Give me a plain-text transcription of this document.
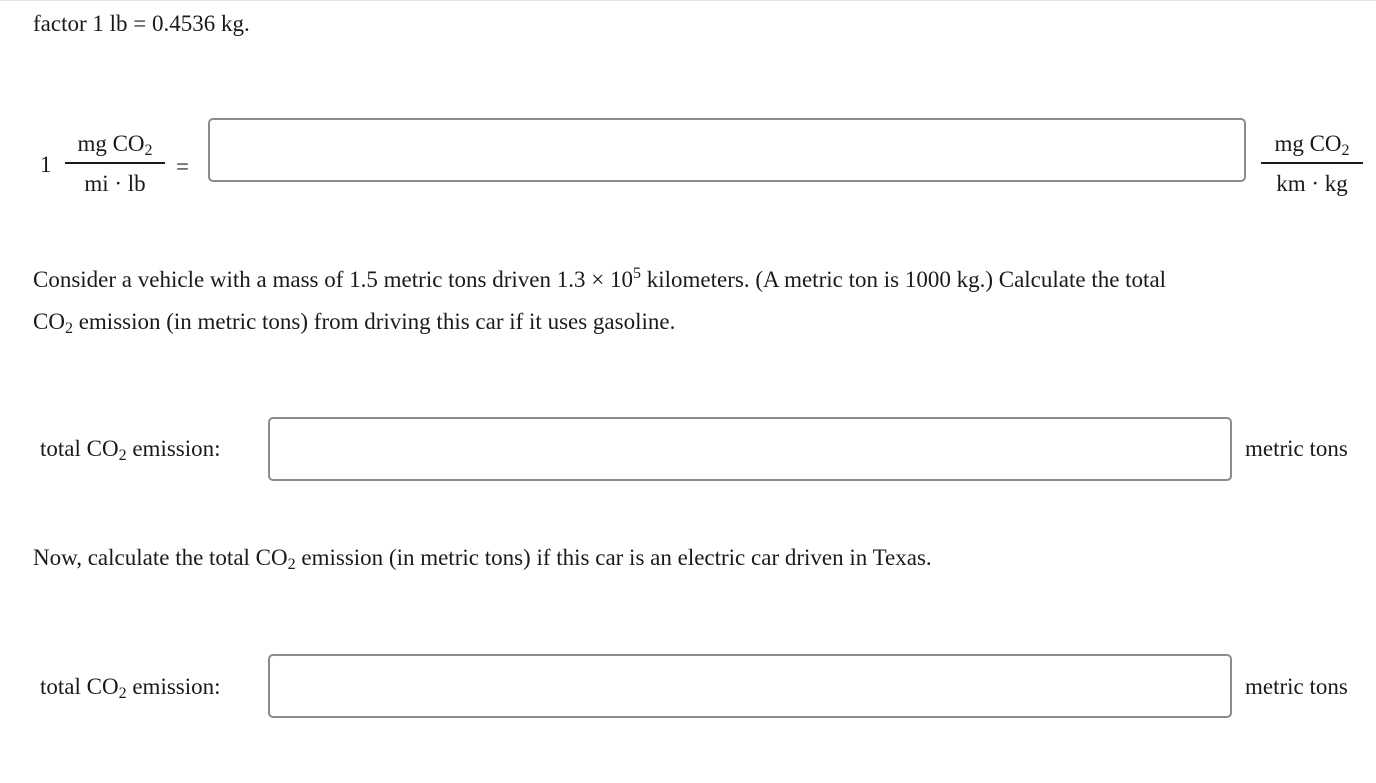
factor 1 lb = 0.4536 kg.
1
mg $CO_2$
mi · lb
=
mg $CO_2$
km · kg
Consider a vehicle with a mass of 1.5 metric tons driven $1.3 \times 10^5$ kilometers. (A metric ton is 1000 kg.) Calculate the total
$CO_2$ emission (in metric tons) from driving this car if it uses gasoline.
total $CO_2$ emission:	metric tons
Now, calculate the total $CO_2$ emission (in metric tons) if this car is an electric car driven in Texas.
total $CO_2$ emission:	metric tons
